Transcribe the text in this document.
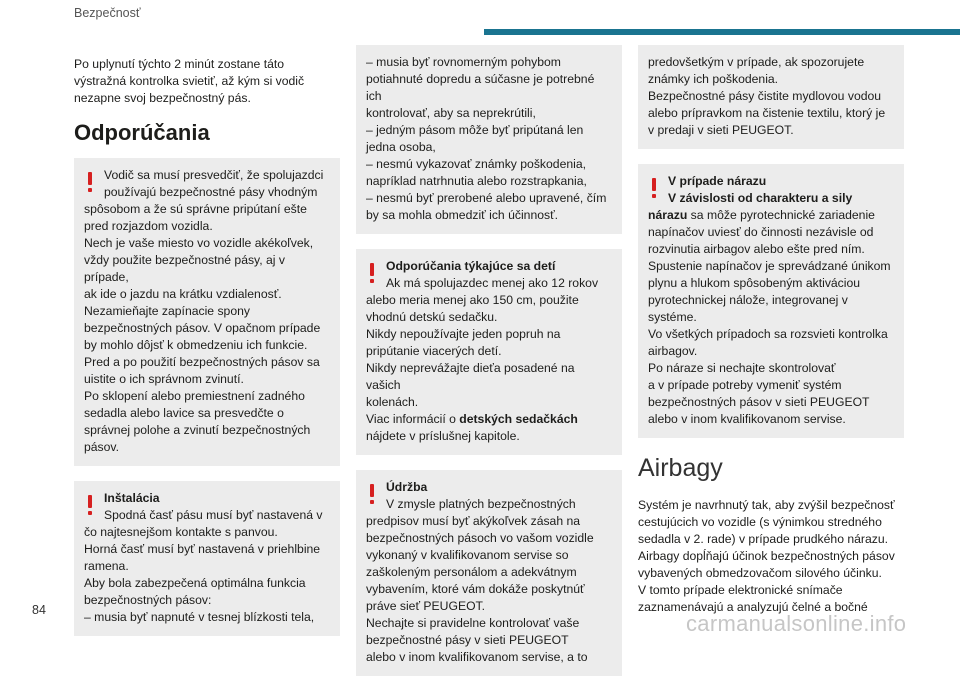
Bezpečnosť

Po uplynutí týchto 2 minút zostane táto
výstražná kontrolka svietiť, až kým si vodič
nezapne svoj bezpečnostný pás.

Odporúčania
Vodič sa musí presvedčiť, že spolujazdci
používajú bezpečnostné pásy vhodným
spôsobom a že sú správne pripútaní ešte
pred rozjazdom vozidla.
Nech je vaše miesto vo vozidle akékoľvek,
vždy použite bezpečnostné pásy, aj v prípade,
ak ide o jazdu na krátku vzdialenosť.
Nezamieňajte zapínacie spony
bezpečnostných pásov. V opačnom prípade
by mohlo dôjsť k obmedzeniu ich funkcie.
Pred a po použití bezpečnostných pásov sa
uistite o ich správnom zvinutí.
Po sklopení alebo premiestnení zadného
sedadla alebo lavice sa presvedčte o
správnej polohe a zvinutí bezpečnostných
pásov.
Inštalácia
Spodná časť pásu musí byť nastavená v
čo najtesnejšom kontakte s panvou.
Horná časť musí byť nastavená v priehlbine
ramena.
Aby bola zabezpečená optimálna funkcia
bezpečnostných pásov:
– musia byť napnuté v tesnej blízkosti tela,
– musia byť rovnomerným pohybom
potiahnuté dopredu a súčasne je potrebné ich
kontrolovať, aby sa neprekrútili,
– jedným pásom môže byť pripútaná len
jedna osoba,
– nesmú vykazovať známky poškodenia,
napríklad natrhnutia alebo rozstrapkania,
– nesmú byť prerobené alebo upravené, čím
by sa mohla obmedziť ich účinnosť.
Odporúčania týkajúce sa detí
Ak má spolujazdec menej ako 12 rokov
alebo meria menej ako 150 cm, použite
vhodnú detskú sedačku.
Nikdy nepoužívajte jeden popruh na
pripútanie viacerých detí.
Nikdy neprevážajte dieťa posadené na vašich
kolenách.
Viac informácií o detských sedačkách
nájdete v príslušnej kapitole.
Údržba
V zmysle platných bezpečnostných
predpisov musí byť akýkoľvek zásah na
bezpečnostných pásoch vo vašom vozidle
vykonaný v kvalifikovanom servise so
zaškoleným personálom a adekvátnym
vybavením, ktoré vám dokáže poskytnúť
práve sieť PEUGEOT.
Nechajte si pravidelne kontrolovať vaše
bezpečnostné pásy v sieti PEUGEOT
alebo v inom kvalifikovanom servise, a to
predovšetkým v prípade, ak spozorujete
známky ich poškodenia.
Bezpečnostné pásy čistite mydlovou vodou
alebo prípravkom na čistenie textilu, ktorý je
v predaji v sieti PEUGEOT.
V prípade nárazu
V závislosti od charakteru a sily
nárazu sa môže pyrotechnické zariadenie
napínačov uviesť do činnosti nezávisle od
rozvinutia airbagov alebo ešte pred ním.
Spustenie napínačov je sprevádzané únikom
plynu a hlukom spôsobeným aktiváciou
pyrotechnickej nálože, integrovanej v
systéme.
Vo všetkých prípadoch sa rozsvieti kontrolka
airbagov.
Po náraze si nechajte skontrolovať
a v prípade potreby vymeniť systém
bezpečnostných pásov v sieti PEUGEOT
alebo v inom kvalifikovanom servise.
Airbagy

Systém je navrhnutý tak, aby zvýšil bezpečnosť
cestujúcich vo vozidle (s výnimkou stredného
sedadla v 2. rade) v prípade prudkého nárazu.
Airbagy dopĺňajú účinok bezpečnostných pásov
vybavených obmedzovačom silového účinku.
V tomto prípade elektronické snímače
zaznamenávajú a analyzujú čelné a bočné

84
carmanualsonline.info
